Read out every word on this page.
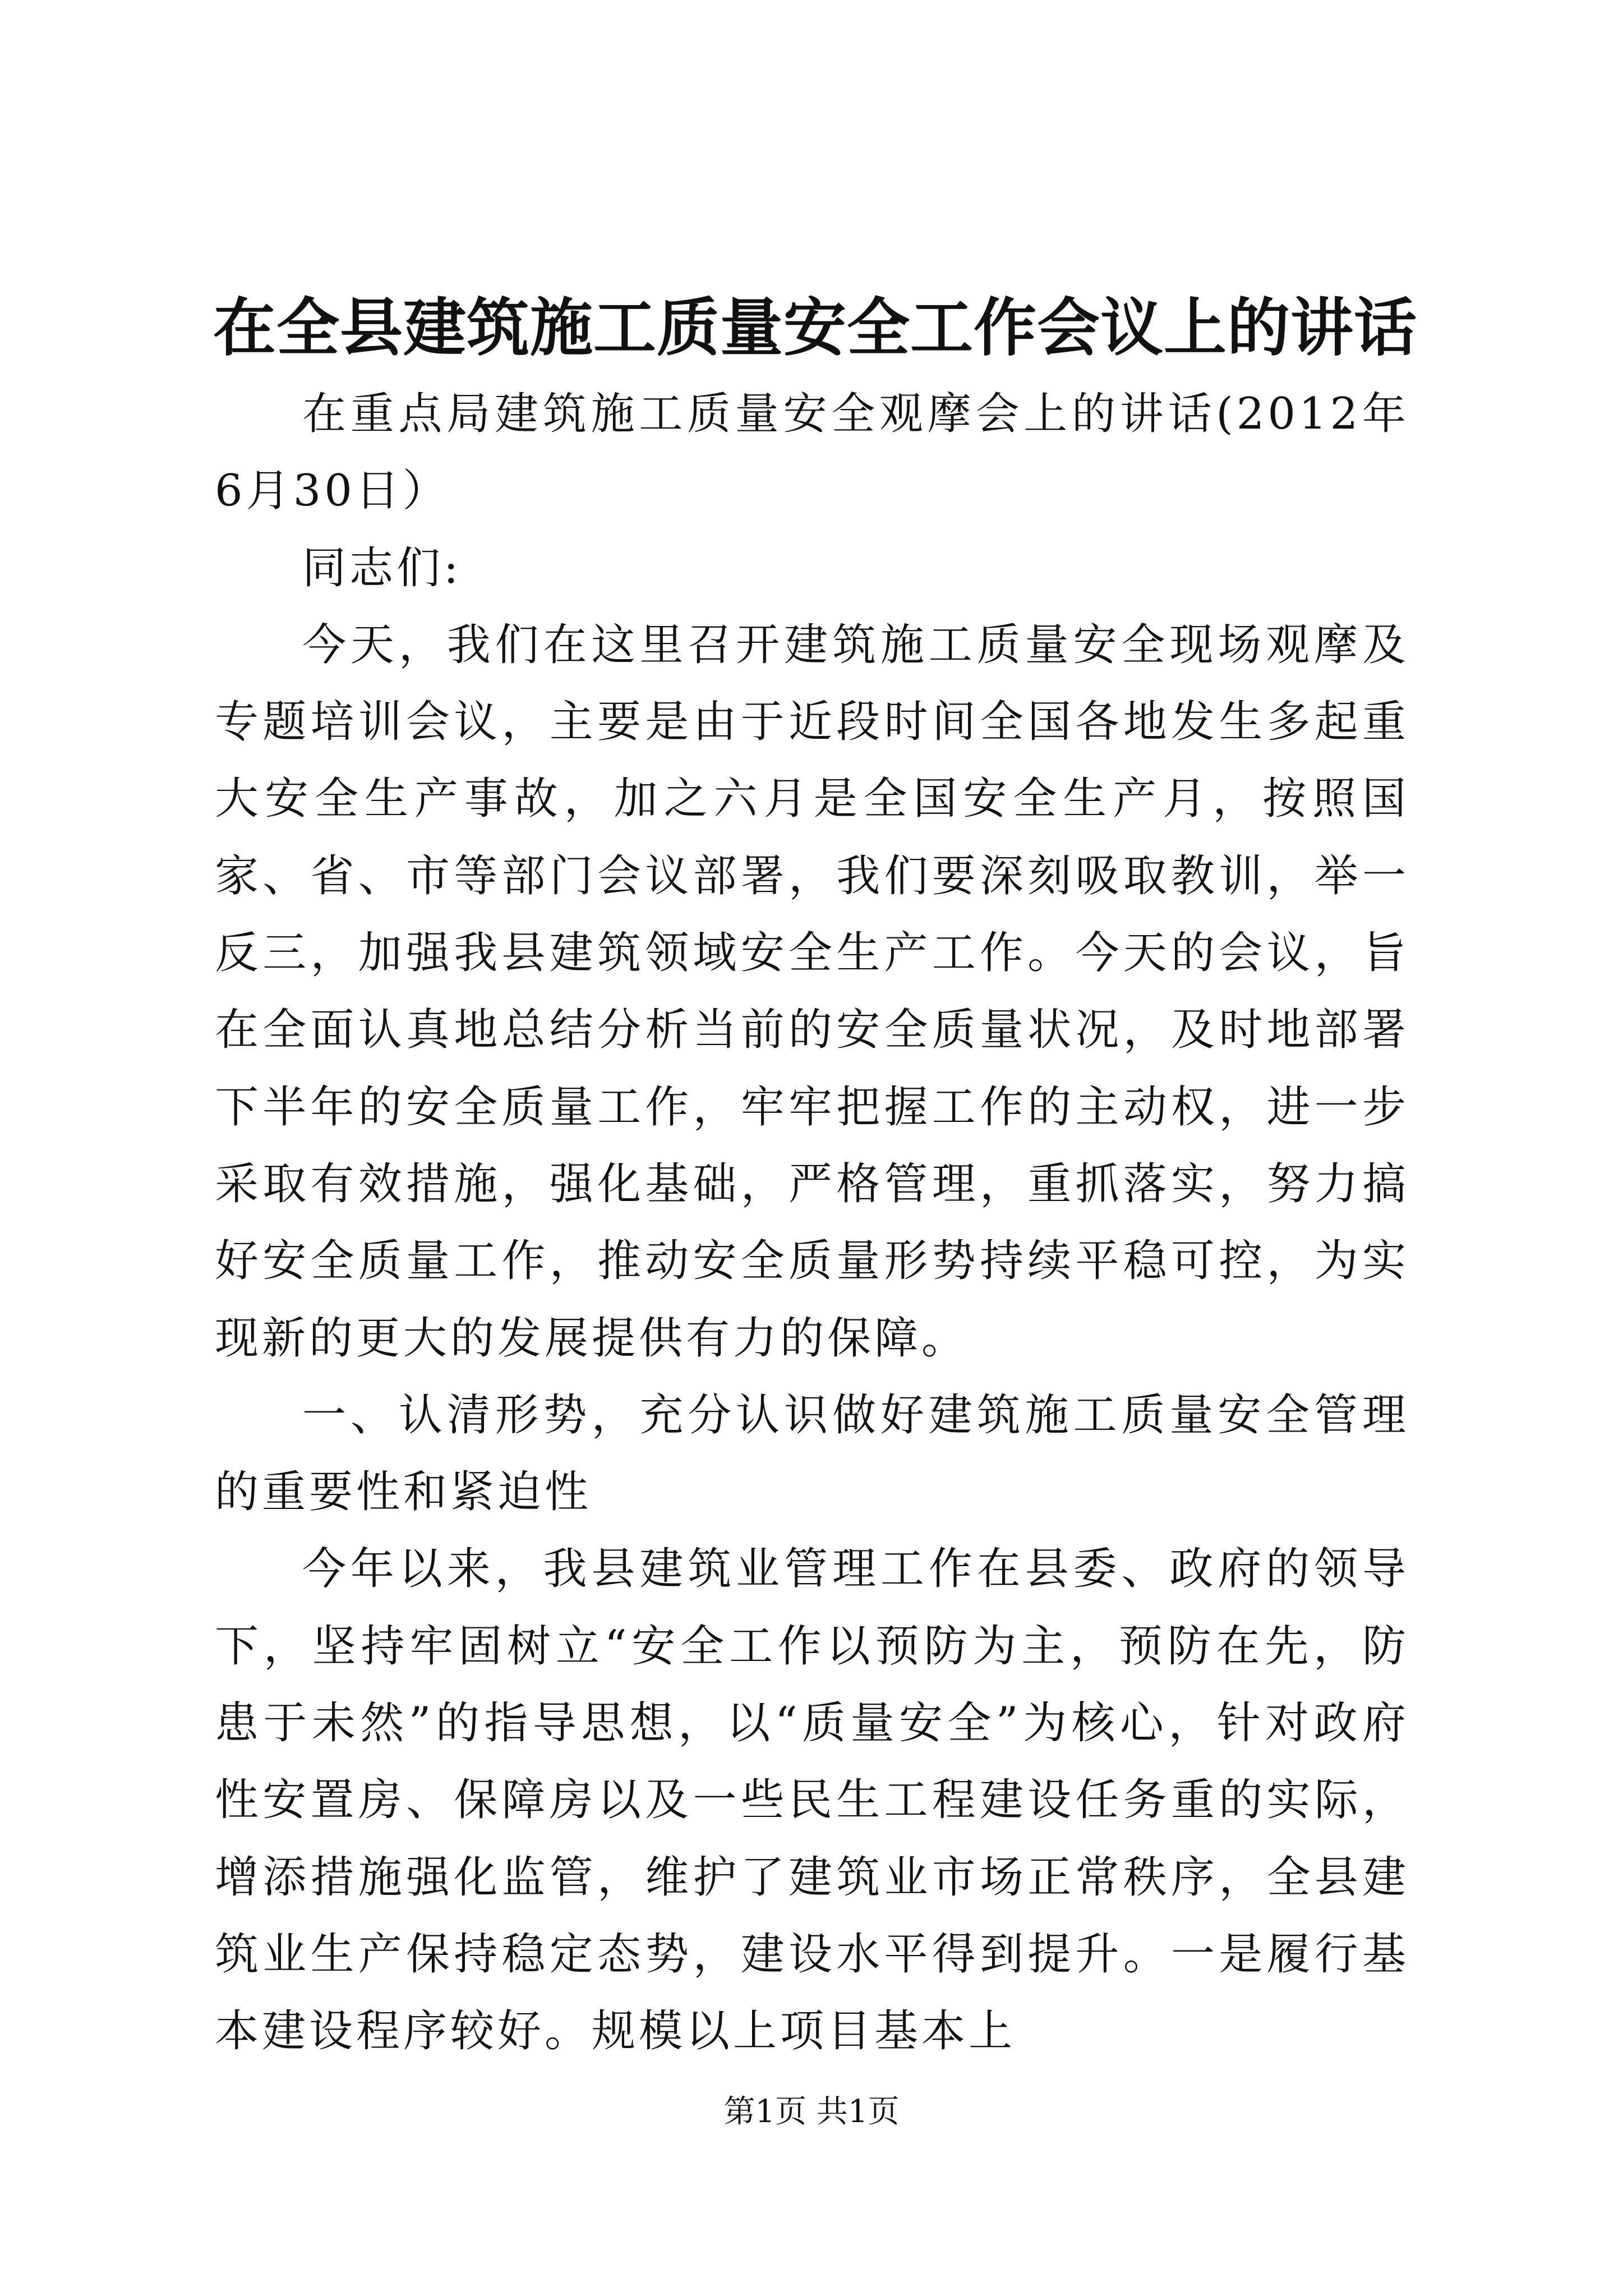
在全县建筑施工质量安全工作会议上的讲话

在重点局建筑施工质量安全观摩会上的讲话(2012年6月30日）

同志们:

今天，我们在这里召开建筑施工质量安全现场观摩及专题培训会议，主要是由于近段时间全国各地发生多起重大安全生产事故，加之六月是全国安全生产月，按照国家、省、市等部门会议部署，我们要深刻吸取教训，举一反三，加强我县建筑领域安全生产工作。今天的会议，旨在全面认真地总结分析当前的安全质量状况，及时地部署下半年的安全质量工作，牢牢把握工作的主动权，进一步采取有效措施，强化基础，严格管理，重抓落实，努力搞好安全质量工作，推动安全质量形势持续平稳可控，为实现新的更大的发展提供有力的保障。

一、认清形势，充分认识做好建筑施工质量安全管理的重要性和紧迫性

今年以来，我县建筑业管理工作在县委、政府的领导下，坚持牢固树立“安全工作以预防为主，预防在先，防患于未然”的指导思想，以“质量安全”为核心，针对政府性安置房、保障房以及一些民生工程建设任务重的实际，增添措施强化监管，维护了建筑业市场正常秩序，全县建筑业生产保持稳定态势，建设水平得到提升。一是履行基本建设程序较好。规模以上项目基本上

第1页 共1页
